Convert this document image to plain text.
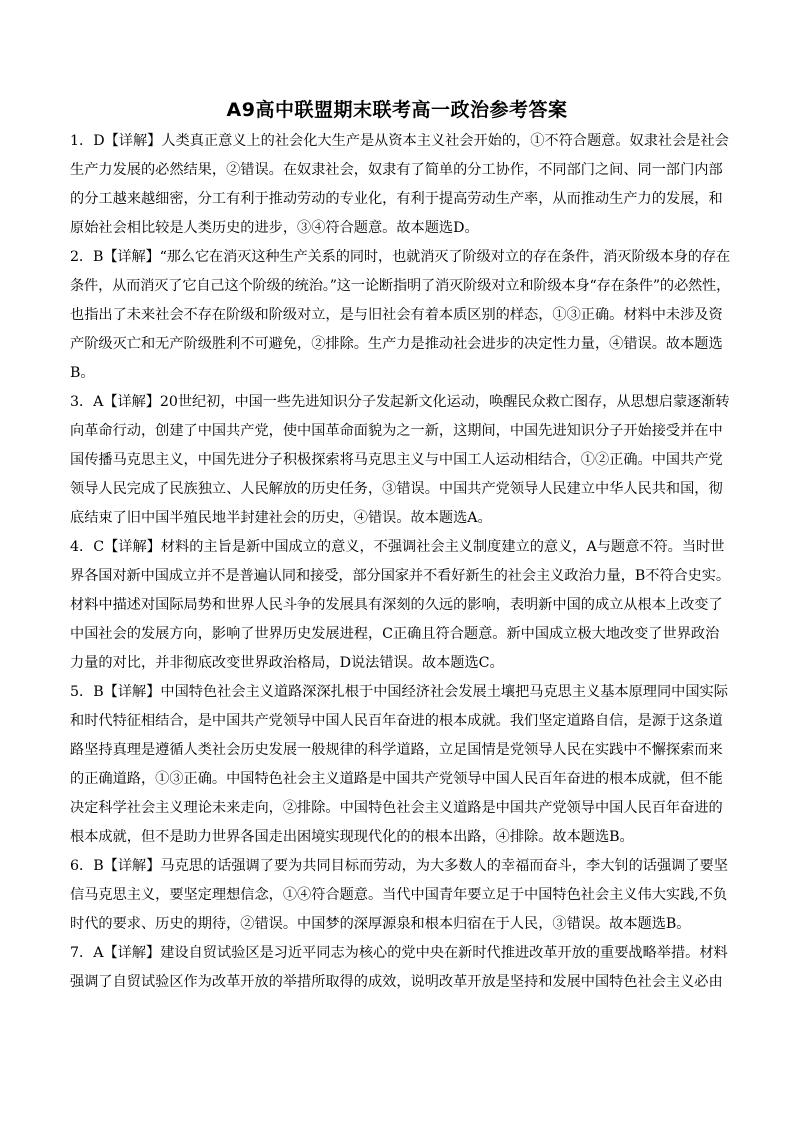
A9高中联盟期末联考高一政治参考答案
1．D【详解】人类真正意义上的社会化大生产是从资本主义社会开始的，①不符合题意。奴隶社会是社会
生产力发展的必然结果，②错误。在奴隶社会，奴隶有了简单的分工协作，不同部门之间、同一部门内部
的分工越来越细密，分工有利于推动劳动的专业化，有利于提高劳动生产率，从而推动生产力的发展，和
原始社会相比较是人类历史的进步，③④符合题意。故本题选D。
2．B【详解】“那么它在消灭这种生产关系的同时，也就消灭了阶级对立的存在条件，消灭阶级本身的存在
条件，从而消灭了它自己这个阶级的统治。”这一论断指明了消灭阶级对立和阶级本身“存在条件”的必然性，
也指出了未来社会不存在阶级和阶级对立，是与旧社会有着本质区别的样态，①③正确。材料中未涉及资
产阶级灭亡和无产阶级胜利不可避免，②排除。生产力是推动社会进步的决定性力量，④错误。故本题选
B。
3．A【详解】20世纪初，中国一些先进知识分子发起新文化运动，唤醒民众救亡图存，从思想启蒙逐渐转
向革命行动，创建了中国共产党，使中国革命面貌为之一新，这期间，中国先进知识分子开始接受并在中
国传播马克思主义，中国先进分子积极探索将马克思主义与中国工人运动相结合，①②正确。中国共产党
领导人民完成了民族独立、人民解放的历史任务，③错误。中国共产党领导人民建立中华人民共和国，彻
底结束了旧中国半殖民地半封建社会的历史，④错误。故本题选A。
4．C【详解】材料的主旨是新中国成立的意义，不强调社会主义制度建立的意义，A与题意不符。当时世
界各国对新中国成立并不是普遍认同和接受，部分国家并不看好新生的社会主义政治力量，B不符合史实。
材料中描述对国际局势和世界人民斗争的发展具有深刻的久远的影响，表明新中国的成立从根本上改变了
中国社会的发展方向，影响了世界历史发展进程，C正确且符合题意。新中国成立极大地改变了世界政治
力量的对比，并非彻底改变世界政治格局，D说法错误。故本题选C。
5．B【详解】中国特色社会主义道路深深扎根于中国经济社会发展土壤把马克思主义基本原理同中国实际
和时代特征相结合，是中国共产党领导中国人民百年奋进的根本成就。我们坚定道路自信，是源于这条道
路坚持真理是遵循人类社会历史发展一般规律的科学道路，立足国情是党领导人民在实践中不懈探索而来
的正确道路，①③正确。中国特色社会主义道路是中国共产党领导中国人民百年奋进的根本成就，但不能
决定科学社会主义理论未来走向，②排除。中国特色社会主义道路是中国共产党领导中国人民百年奋进的
根本成就，但不是助力世界各国走出困境实现现代化的的根本出路，④排除。故本题选B。
6．B【详解】马克思的话强调了要为共同目标而劳动，为大多数人的幸福而奋斗，李大钊的话强调了要坚
信马克思主义，要坚定理想信念，①④符合题意。当代中国青年要立足于中国特色社会主义伟大实践,不负
时代的要求、历史的期待，②错误。中国梦的深厚源泉和根本归宿在于人民，③错误。故本题选B。
7．A【详解】建设自贸试验区是习近平同志为核心的党中央在新时代推进改革开放的重要战略举措。材料
强调了自贸试验区作为改革开放的举措所取得的成效，说明改革开放是坚持和发展中国特色社会主义必由
